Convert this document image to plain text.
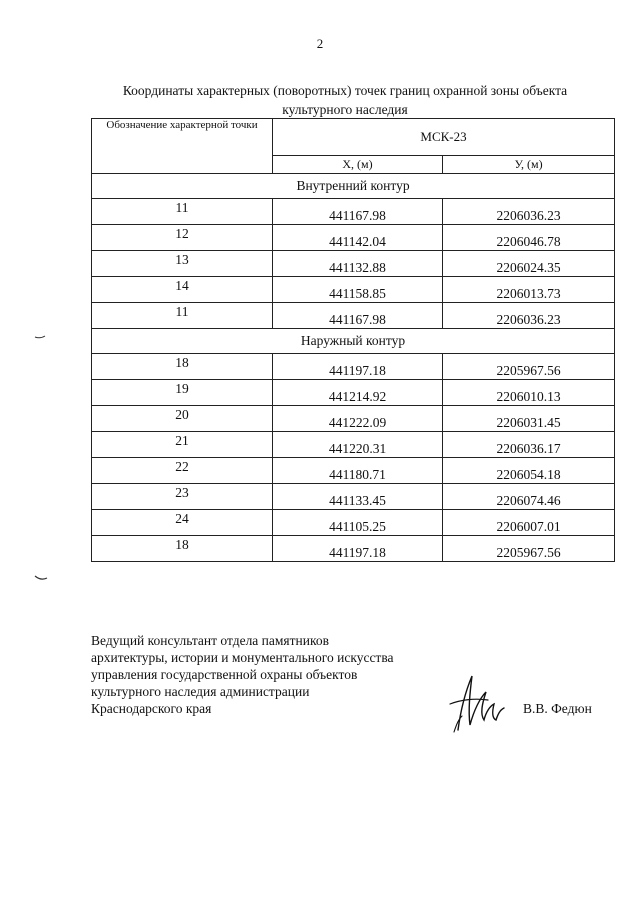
2
Координаты характерных (поворотных) точек границ охранной зоны объекта культурного наследия
Обозначение характерной точки	МСК-23	
	X, (м)	У, (м)
Внутренний контур		
11	441167.98	2206036.23
12	441142.04	2206046.78
13	441132.88	2206024.35
14	441158.85	2206013.73
11	441167.98	2206036.23
Наружный контур		
18	441197.18	2205967.56
19	441214.92	2206010.13
20	441222.09	2206031.45
21	441220.31	2206036.17
22	441180.71	2206054.18
23	441133.45	2206074.46
24	441105.25	2206007.01
18	441197.18	2205967.56
Ведущий консультант отдела памятников
архитектуры, истории и монументального искусства
управления государственной охраны объектов
культурного наследия администрации
Краснодарского края	В.В. Федюн
